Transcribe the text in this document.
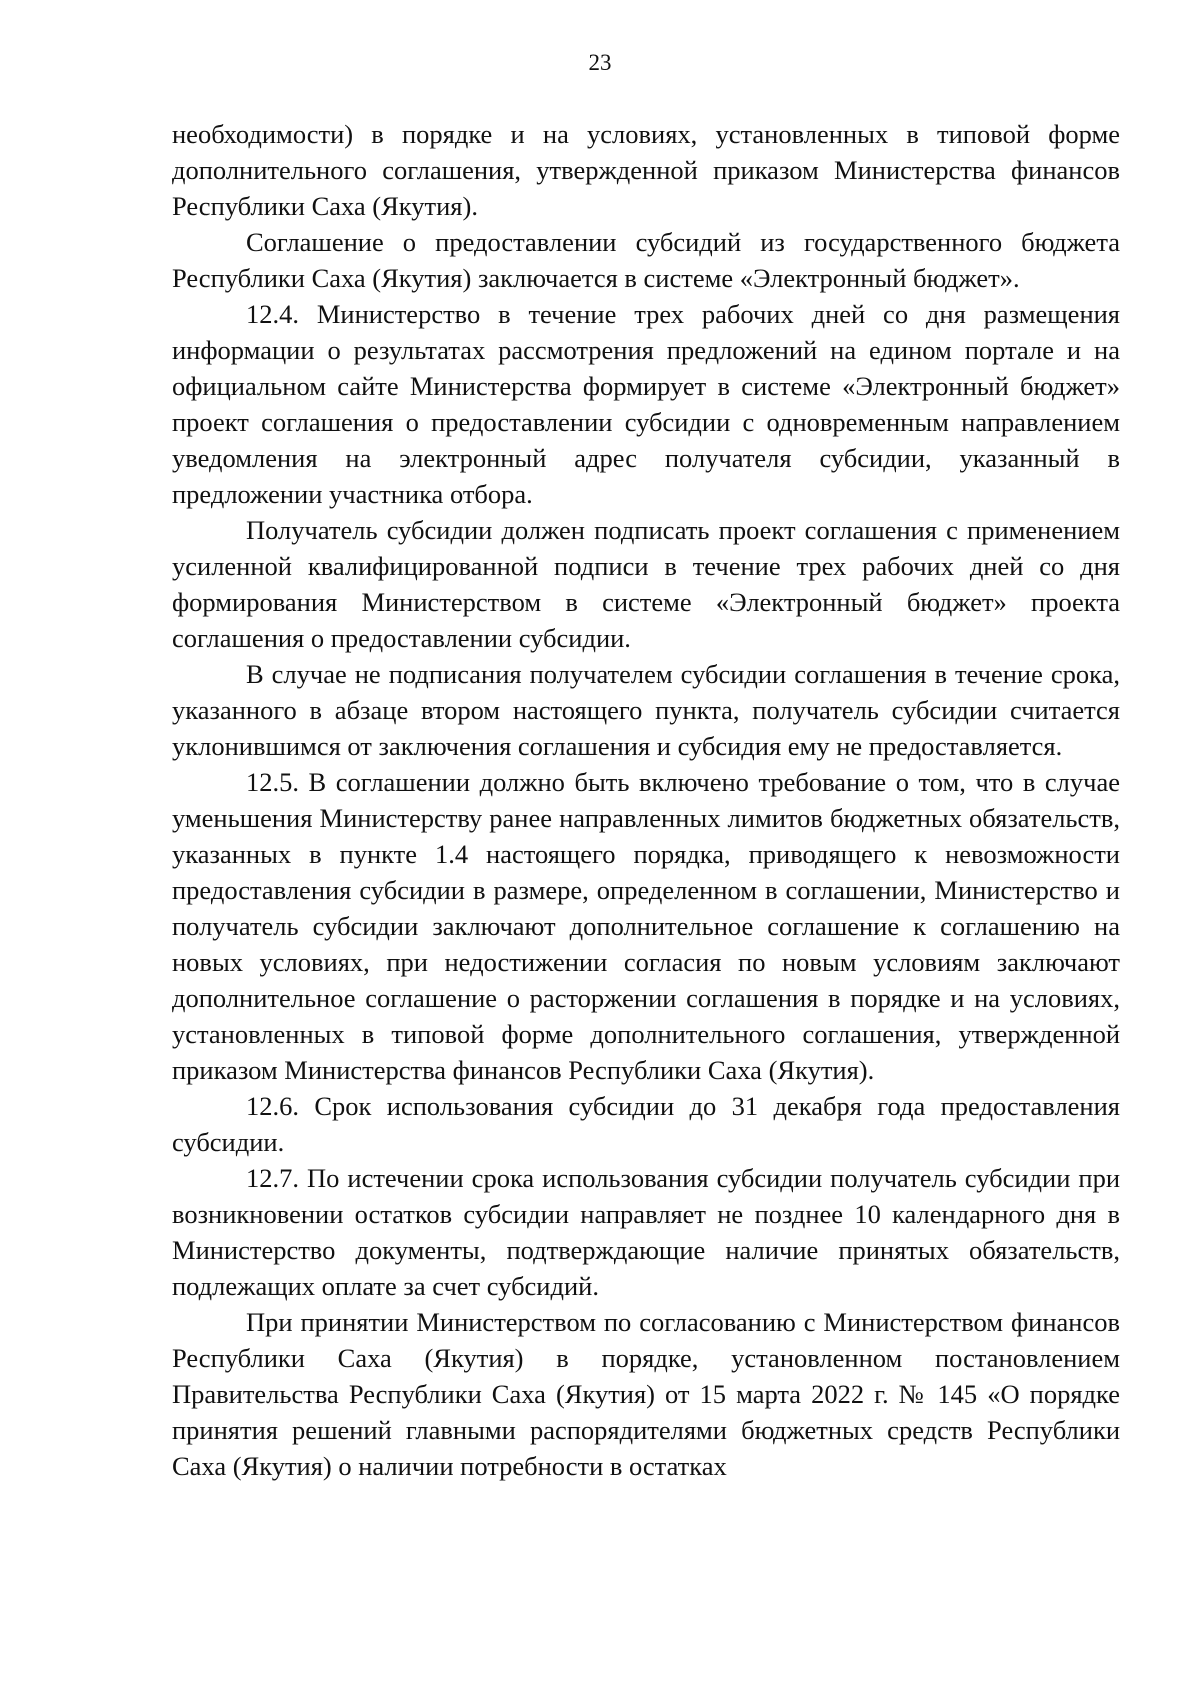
23

необходимости) в порядке и на условиях, установленных в типовой форме дополнительного соглашения, утвержденной приказом Министерства финансов Республики Саха (Якутия).

Соглашение о предоставлении субсидий из государственного бюджета Республики Саха (Якутия) заключается в системе «Электронный бюджет».

12.4. Министерство в течение трех рабочих дней со дня размещения информации о результатах рассмотрения предложений на едином портале и на официальном сайте Министерства формирует в системе «Электронный бюджет» проект соглашения о предоставлении субсидии с одновременным направлением уведомления на электронный адрес получателя субсидии, указанный в предложении участника отбора.

Получатель субсидии должен подписать проект соглашения с применением усиленной квалифицированной подписи в течение трех рабочих дней со дня формирования Министерством в системе «Электронный бюджет» проекта соглашения о предоставлении субсидии.

В случае не подписания получателем субсидии соглашения в течение срока, указанного в абзаце втором настоящего пункта, получатель субсидии считается уклонившимся от заключения соглашения и субсидия ему не предоставляется.

12.5. В соглашении должно быть включено требование о том, что в случае уменьшения Министерству ранее направленных лимитов бюджетных обязательств, указанных в пункте 1.4 настоящего порядка, приводящего к невозможности предоставления субсидии в размере, определенном в соглашении, Министерство и получатель субсидии заключают дополнительное соглашение к соглашению на новых условиях, при недостижении согласия по новым условиям заключают дополнительное соглашение о расторжении соглашения в порядке и на условиях, установленных в типовой форме дополнительного соглашения, утвержденной приказом Министерства финансов Республики Саха (Якутия).

12.6. Срок использования субсидии до 31 декабря года предоставления субсидии.

12.7. По истечении срока использования субсидии получатель субсидии при возникновении остатков субсидии направляет не позднее 10 календарного дня в Министерство документы, подтверждающие наличие принятых обязательств, подлежащих оплате за счет субсидий.

При принятии Министерством по согласованию с Министерством финансов Республики Саха (Якутия) в порядке, установленном постановлением Правительства Республики Саха (Якутия) от 15 марта 2022 г. № 145 «О порядке принятия решений главными распорядителями бюджетных средств Республики Саха (Якутия) о наличии потребности в остатках
